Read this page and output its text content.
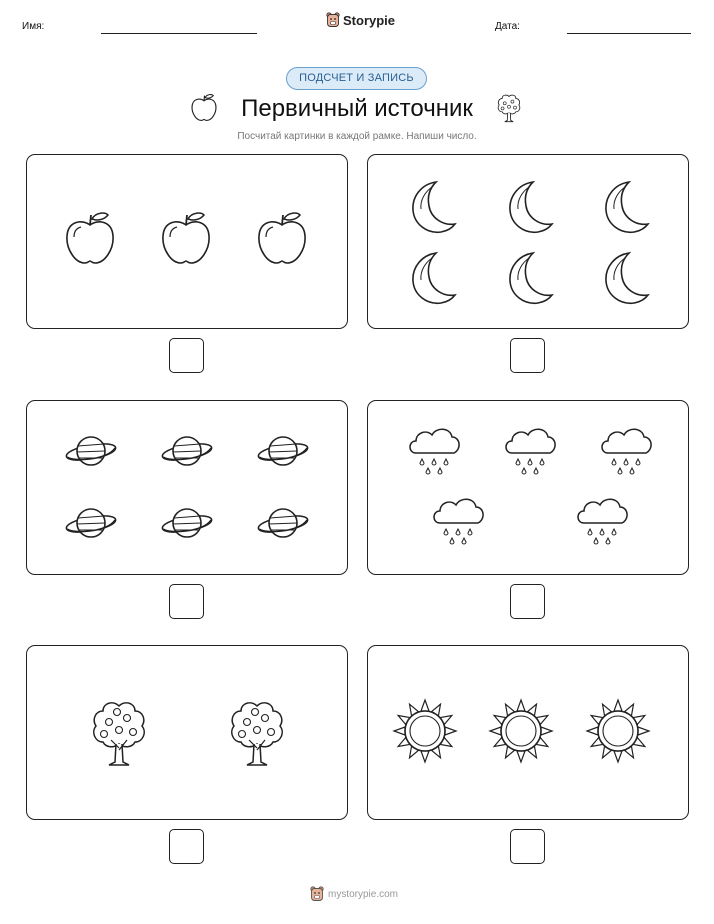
Имя:	Storypie	Дата:
ПОДСЧЕТ И ЗАПИСЬ
Первичный источник
Посчитай картинки в каждой рамке. Напиши число.
mystorypie.com
